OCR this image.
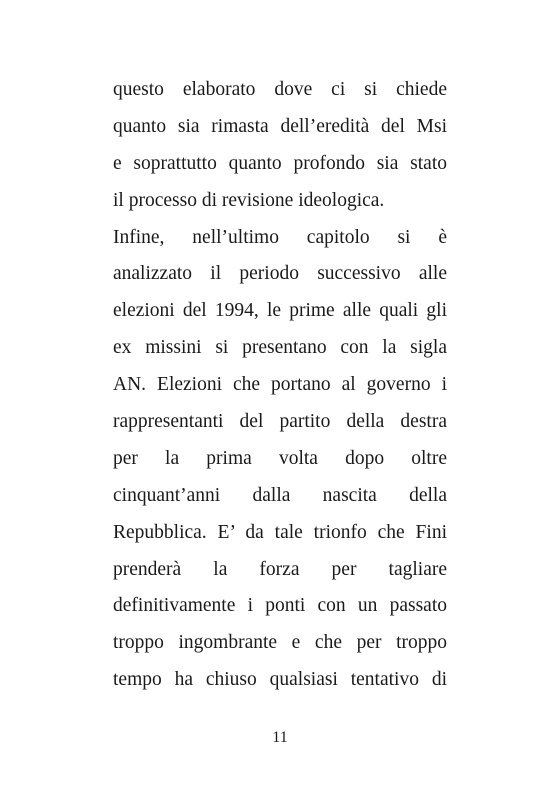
questo elaborato dove ci si chiede
quanto sia rimasta dell’eredità del Msi
e soprattutto quanto profondo sia stato
il processo di revisione ideologica.
Infine, nell’ultimo capitolo si è
analizzato il periodo successivo alle
elezioni del 1994, le prime alle quali gli
ex missini si presentano con la sigla
AN. Elezioni che portano al governo i
rappresentanti del partito della destra
per la prima volta dopo oltre
cinquant’anni dalla nascita della
Repubblica. E’ da tale trionfo che Fini
prenderà la forza per tagliare
definitivamente i ponti con un passato
troppo ingombrante e che per troppo
tempo ha chiuso qualsiasi tentativo di
11
